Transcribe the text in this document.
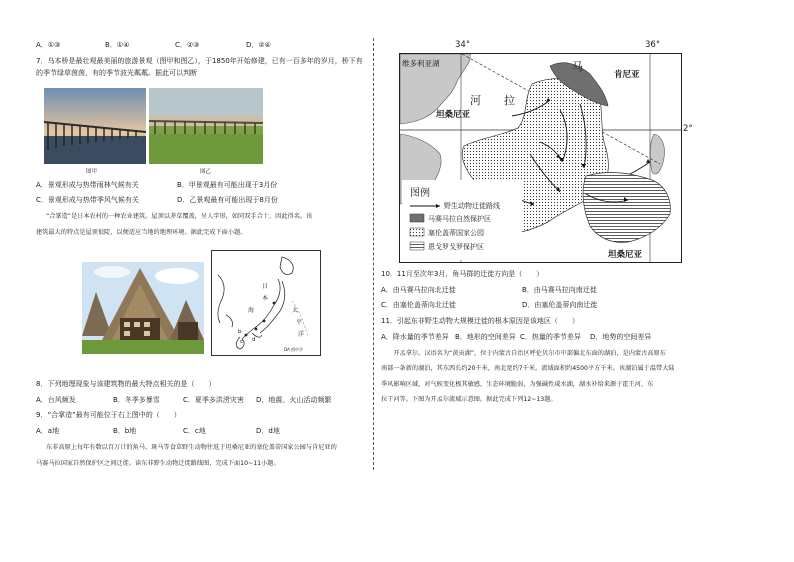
A．①③	B．①④	C．②③	D．②④
7．乌本桥是最壮观最美丽的旅游景观（图甲和图乙），于1850年开始修建，已有一百多年的岁月，桥下有
的季节绿草茵茵，有的季节波光粼粼。据此可以判断
图甲	图乙
A．景观形成与热带雨林气候有关	B．甲景观最有可能出现于3月份
C．景观形成与热带季风气候有关	D．乙景观最有可能出现于8月份
“合掌造”是日本农村的一种农业建筑。屋顶以茅草覆盖，呈人字形，如同双手合十，因此得名。该
建筑最大的特点是屋顶很陡，以便适应当地的地理环境。据此完成下面小题。
日
本
海	太
平
洋
b
c d
DA 图中学
8．下列地理现象与该建筑物的最大特点相关的是（　　）
A．台风频发	B．冬季多暴雪	C．夏季多洪涝灾害 D．地震、火山活动频繁
9．“合掌造”最有可能位于右上图中的（　　）
A．a地	B．b地	C．c地	D．d地
东非高原上每年有数以百万计的角马、斑马等食草野生动物往返于坦桑尼亚的塞伦盖蒂国家公园与肯尼亚的
马赛马拉国家自然保护区之间迁徙。读东非野生动物迁徙路线图，完成下面10~11小题。
34°	36°
维多利亚湖
河 拉
坦桑尼亚
肯尼亚
马
坦桑尼亚
图例
野生动物迁徙路线
马赛马拉自然保护区
塞伦盖蒂国家公园
恩戈罗戈罗保护区
2°
10．11月至次年3月，角马群的迁徙方向是（　　）
A．由马赛马拉向北迁徙	B．由马赛马拉向南迁徙
C．由塞伦盖蒂向北迁徙	D．由塞伦盖蒂向南迁徙
11．引起东非野生动物大规模迁徙的根本原因是该地区（　　）
A．降水量的季节差异 B．地形的空间差异 C．热量的季节差异 D．地势的空间差异
　　开孟拿尔。汉语名为“黄贡湖”，位于内蒙古自治区呼伦贝尔市中部偏北东面的湖泊，是内蒙古高原东
南部一条新的湖泊，其东西长约20千米，南北宽约7千米。流域面积约4500平方千米。该湖泊属于温带大陆
季风影响区域，对气候变化极其敏感，生态环境脆弱，为强碱性咸水湖，湖水补给来源于霍王河、东
拉干河等。下图为开孟尔流域示意图。据此完成下列12~13题。
